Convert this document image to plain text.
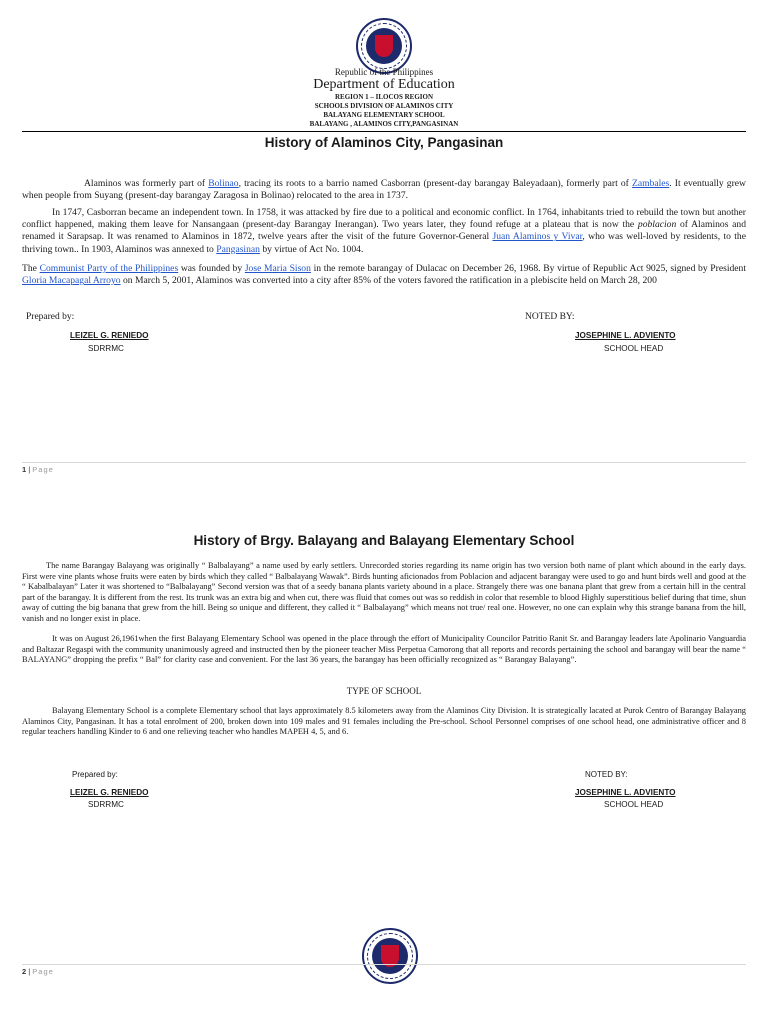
Republic of the Philippines
Department of Education
REGION 1 – ILOCOS REGION
SCHOOLS DIVISION OF ALAMINOS CITY
BALAYANG ELEMENTARY SCHOOL
BALAYANG , ALAMINOS CITY,PANGASINAN
History of Alaminos City, Pangasinan

Alaminos was formerly part of Bolinao, tracing its roots to a barrio named Casborran (present-day barangay Baleyadaan), formerly part of Zambales. It eventually grew when people from Suyang (present-day barangay Zaragosa in Bolinao) relocated to the area in 1737.

In 1747, Casborran became an independent town. In 1758, it was attacked by fire due to a political and economic conflict. In 1764, inhabitants tried to rebuild the town but another conflict happened, making them leave for Nansangaan (present-day Barangay Inerangan). Two years later, they found refuge at a plateau that is now the poblacion of Alaminos and renamed it Sarapsap. It was renamed to Alaminos in 1872, twelve years after the visit of the future Governor-General Juan Alaminos y Vivar, who was well-loved by residents, to the thriving town.. In 1903, Alaminos was annexed to Pangasinan by virtue of Act No. 1004.

The Communist Party of the Philippines was founded by Jose Maria Sison in the remote barangay of Dulacac on December 26, 1968. By virtue of Republic Act 9025, signed by President Gloria Macapagal Arroyo on March 5, 2001, Alaminos was converted into a city after 85% of the voters favored the ratification in a plebiscite held on March 28, 200

Prepared by:	NOTED BY:
LEIZEL G. RENIEDO
SDRRMC
JOSEPHINE L. ADVIENTO
SCHOOL HEAD
1 | Page
History of Brgy. Balayang and Balayang Elementary School

The name Barangay Balayang was originally “ Balbalayang” a name used by early settlers. Unrecorded stories regarding its name origin has two version both name of plant which abound in the early days. First were vine plants whose fruits were eaten by birds which they called “ Balbalayang Wawak”. Birds hunting aficionados from Poblacion and adjacent barangay were used to go and hunt birds well and good at the “ Kabalbalayan” Later it was shortened to “Balbalayang” Second version was that of a seedy banana plants variety abound in a place. Strangely there was one banana plant that grew from a certain hill in the central part of the barangay. It is different from the rest. Its trunk was an extra big and when cut, there was fluid that comes out was so reddish in color that resemble to blood Highly superstitious belief during that time, shun away of cutting the big banana that grew from the hill. Being so unique and different, they called it “ Balbalayang” which means not true/ real one. However, no one can explain why this strange banana from the hill, vanish and no longer exist in place.

It was on August 26,1961when the first Balayang Elementary School was opened in the place through the effort of Municipality Councilor Patritio Ranit Sr. and Barangay leaders late Apolinario Vanguardia and Baltazar Regaspi with the community unanimously agreed and instructed then by the pioneer teacher Miss Perpetua Camorong that all reports and records pertaining the school and barangay will bear the name “ BALAYANG” dropping the prefix “ Bal” for clarity case and convenient. For the last 36 years, the barangay has been officially recognized as “ Barangay Balayang”.

TYPE OF SCHOOL

Balayang Elementary School is a complete Elementary school that lays approximately 8.5 kilometers away from the Alaminos City Division. It is strategically lacated at Purok Centro of Barangay Balayang Alaminos City, Pangasinan. It has a total enrolment of 200, broken down into 109 males and 91 females including the Pre-school. School Personnel comprises of one school head, one administrative officer and 8 regular teachers handling Kinder to 6 and one relieving teacher who handles MAPEH 4, 5, and 6.

Prepared by:	NOTED BY:
LEIZEL G. RENIEDO
SDRRMC
JOSEPHINE L. ADVIENTO
SCHOOL HEAD
2 | Page
